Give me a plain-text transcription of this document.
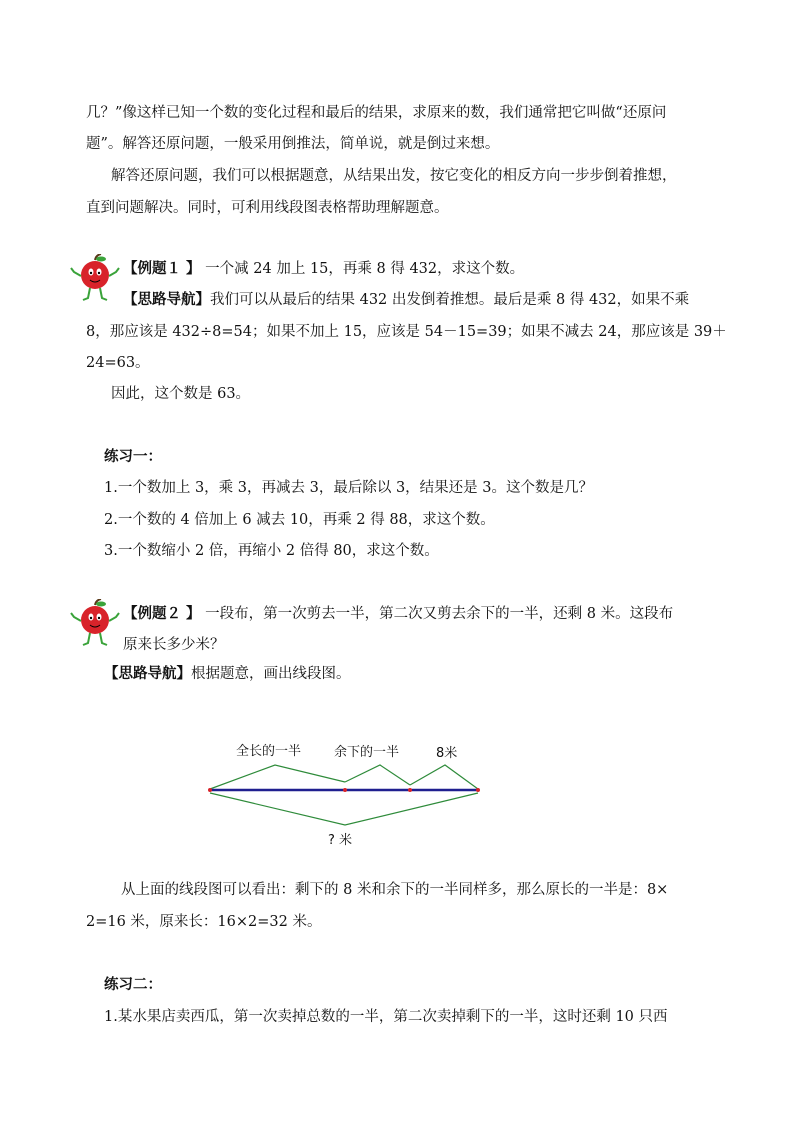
几？”像这样已知一个数的变化过程和最后的结果，求原来的数，我们通常把它叫做“还原问
题”。解答还原问题，一般采用倒推法，简单说，就是倒过来想。
解答还原问题，我们可以根据题意，从结果出发，按它变化的相反方向一步步倒着推想，
直到问题解决。同时，可利用线段图表格帮助理解题意。
【例题１ 】 一个减 24 加上 15，再乘 8 得 432，求这个数。
【思路导航】我们可以从最后的结果 432 出发倒着推想。最后是乘 8 得 432，如果不乘
8，那应该是 432÷8=54；如果不加上 15，应该是 54－15=39；如果不减去 24，那应该是 39＋
24=63。
因此，这个数是 63。
练习一：
1.一个数加上 3，乘 3，再减去 3，最后除以 3，结果还是 3。这个数是几？
2.一个数的 4 倍加上 6 减去 10，再乘 2 得 88，求这个数。
3.一个数缩小 2 倍，再缩小 2 倍得 80，求这个数。
【例题２ 】 一段布，第一次剪去一半，第二次又剪去余下的一半，还剩 8 米。这段布
原来长多少米？
【思路导航】根据题意，画出线段图。
全长的一半	余下的一半	8米
? 米
从上面的线段图可以看出：剩下的 8 米和余下的一半同样多，那么原长的一半是：8×
2=16 米，原来长：16×2=32 米。
练习二：
1.某水果店卖西瓜，第一次卖掉总数的一半，第二次卖掉剩下的一半，这时还剩 10 只西
